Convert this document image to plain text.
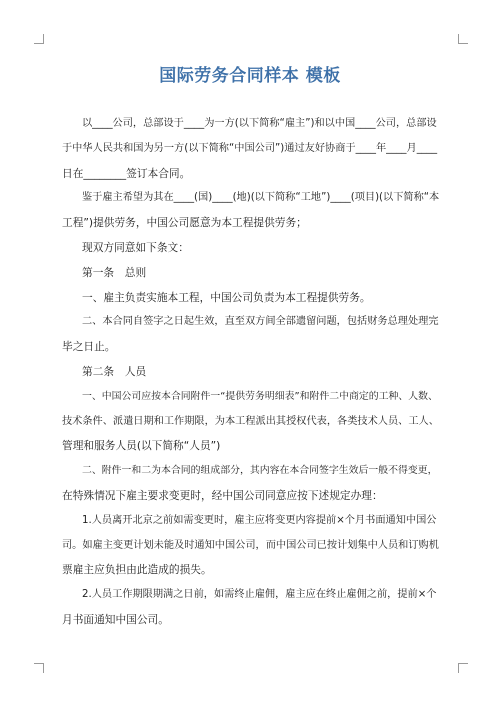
国际劳务合同样本 模板
以____公司，总部设于____为一方(以下简称“雇主”)和以中国____公司，总部设
于中华人民共和国为另一方(以下简称“中国公司”)通过友好协商于____年____月____
日在________签订本合同。
鉴于雇主希望为其在____(国)____(地)(以下简称“工地”)____(项目)(以下简称“本
工程”)提供劳务，中国公司愿意为本工程提供劳务；
现双方同意如下条文：
第一条　总则
一、雇主负责实施本工程，中国公司负责为本工程提供劳务。
二、本合同自签字之日起生效，直至双方间全部遗留问题，包括财务总理处理完
毕之日止。
第二条　人员
一、中国公司应按本合同附件一“提供劳务明细表”和附件二中商定的工种、人数、
技术条件、派遣日期和工作期限，为本工程派出其授权代表，各类技术人员、工人、
管理和服务人员(以下简称“人员”)
二、附件一和二为本合同的组成部分，其内容在本合同签字生效后一般不得变更，
在特殊情况下雇主要求变更时，经中国公司同意应按下述规定办理：
1.人员离开北京之前如需变更时，雇主应将变更内容提前×个月书面通知中国公
司。如雇主变更计划未能及时通知中国公司，而中国公司已按计划集中人员和订购机
票雇主应负担由此造成的损失。
2.人员工作期限期满之日前，如需终止雇佣，雇主应在终止雇佣之前，提前×个
月书面通知中国公司。
